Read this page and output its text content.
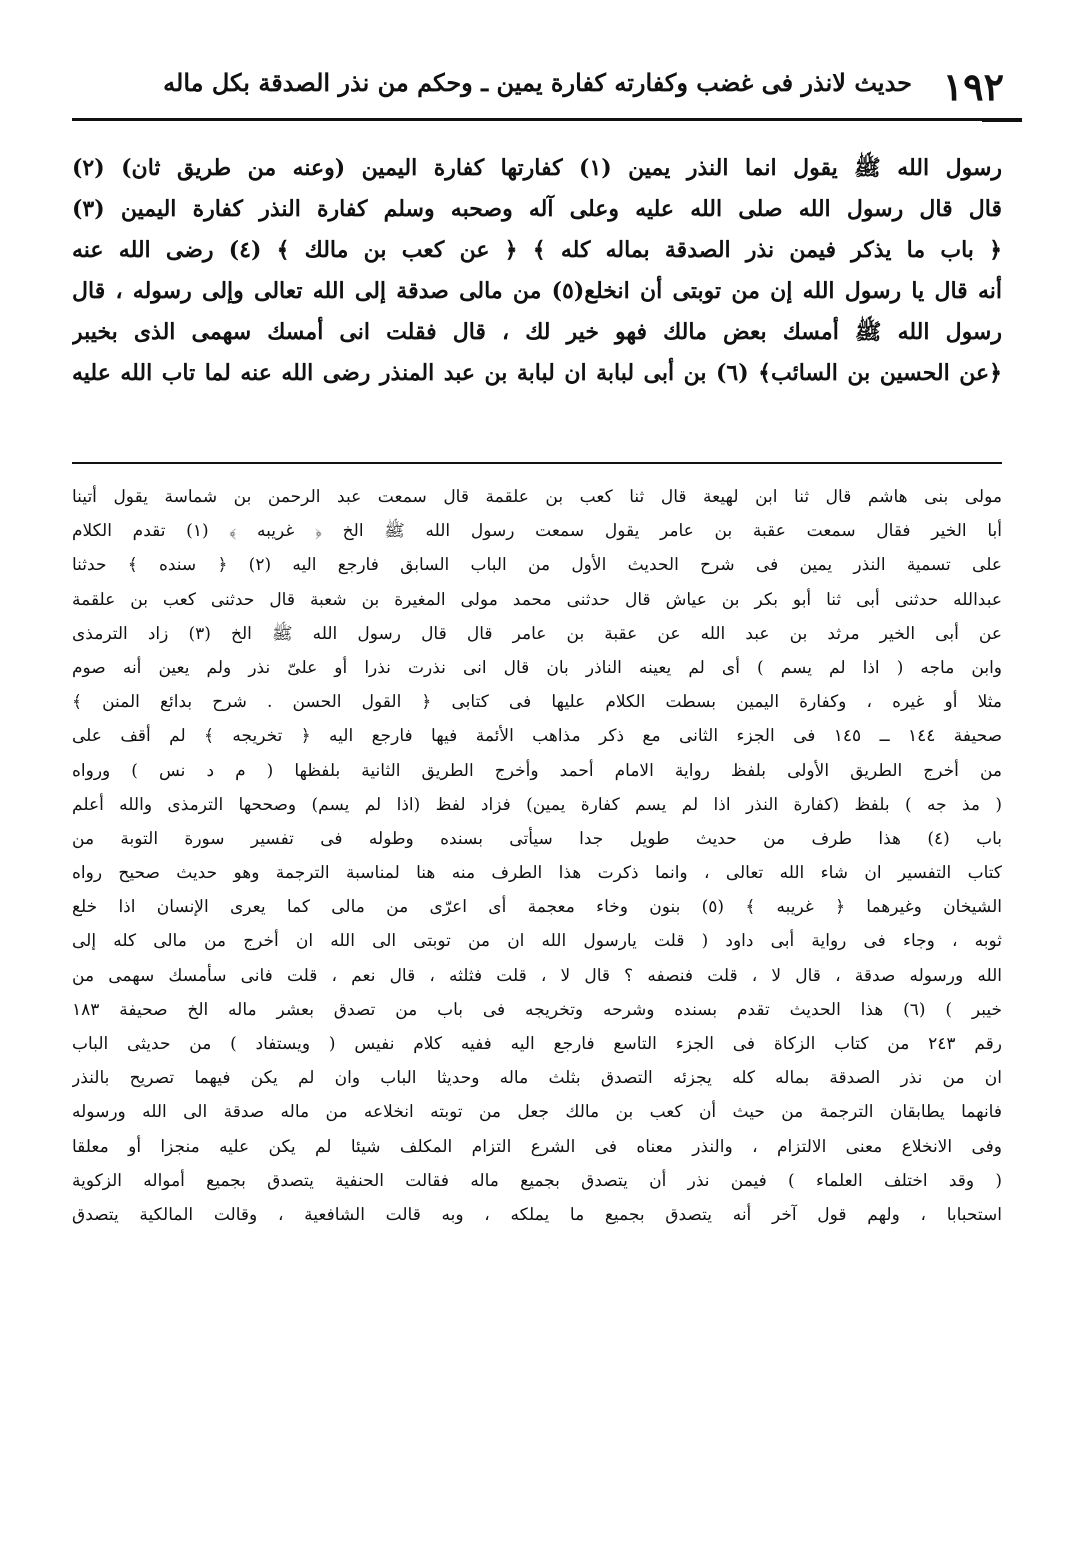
١٩٢
حديث لانذر فى غضب وكفارته كفارة يمين ـ وحكم من نذر الصدقة بكل ماله
رسول الله ﷺ يقول انما النذر يمين (١) كفارتها كفارة اليمين (وعنه من طريق ثان) (٢)
قال قال رسول الله صلى الله عليه وعلى آله وصحبه وسلم كفارة النذر كفارة اليمين (٣)
﴿ باب ما يذكر فيمن نذر الصدقة بماله كله ﴾ ﴿ عن كعب بن مالك ﴾ (٤) رضى الله عنه
أنه قال يا رسول الله إن من توبتى أن انخلع(٥) من مالى صدقة إلى الله تعالى وإلى رسوله ، قال
رسول الله ﷺ أمسك بعض مالك فهو خير لك ، قال فقلت انى أمسك سهمى الذى بخيبر
﴿عن الحسين بن السائب﴾ (٦) بن أبى لبابة ان لبابة بن عبد المنذر رضى الله عنه لما تاب الله عليه
مولى بنى هاشم قال ثنا ابن لهيعة قال ثنا كعب بن علقمة قال سمعت عبد الرحمن بن شماسة يقول أتينا
أبا الخير فقال سمعت عقبة بن عامر يقول سمعت رسول الله ﷺ الخ ﴿ غريبه ﴾ (١) تقدم الكلام
على تسمية النذر يمين فى شرح الحديث الأول من الباب السابق فارجع اليه (٢) ﴿ سنده ﴾ حدثنا
عبدالله حدثنى أبى ثنا أبو بكر بن عياش قال حدثنى محمد مولى المغيرة بن شعبة قال حدثنى كعب بن علقمة
عن أبى الخير مرثد بن عبد الله عن عقبة بن عامر قال قال رسول الله ﷺ الخ (٣) زاد الترمذى
وابن ماجه ( اذا لم يسم ) أى لم يعينه الناذر بان قال انى نذرت نذرا أو علىّ نذر ولم يعين أنه صوم
مثلا أو غيره ، وكفارة اليمين بسطت الكلام عليها فى كتابى ﴿ القول الحسن . شرح بدائع المنن ﴾
صحيفة ١٤٤ ــ ١٤٥ فى الجزء الثانى مع ذكر مذاهب الأئمة فيها فارجع اليه ﴿ تخريجه ﴾ لم أقف على
من أخرج الطريق الأولى بلفظ رواية الامام أحمد وأخرج الطريق الثانية بلفظها ( م د نس ) ورواه
( مذ جه ) بلفظ (كفارة النذر اذا لم يسم كفارة يمين) فزاد لفظ (اذا لم يسم) وصححها الترمذى والله أعلم
باب (٤) هذا طرف من حديث طويل جدا سيأتى بسنده وطوله فى تفسير سورة التوبة من
كتاب التفسير ان شاء الله تعالى ، وانما ذكرت هذا الطرف منه هنا لمناسبة الترجمة وهو حديث صحيح رواه
الشيخان وغيرهما ﴿ غريبه ﴾ (٥) بنون وخاء معجمة أى اعرّى من مالى كما يعرى الإنسان اذا خلع
ثوبه ، وجاء فى رواية أبى داود ( قلت يارسول الله ان من توبتى الى الله ان أخرج من مالى كله إلى
الله ورسوله صدقة ، قال لا ، قلت فنصفه ؟ قال لا ، قلت فثلثه ، قال نعم ، قلت فانى سأمسك سهمى من
خيبر ) (٦) هذا الحديث تقدم بسنده وشرحه وتخريجه فى باب من تصدق بعشر ماله الخ صحيفة ١٨٣
رقم ٢٤٣ من كتاب الزكاة فى الجزء التاسع فارجع اليه ففيه كلام نفيس ( ويستفاد ) من حديثى الباب
ان من نذر الصدقة بماله كله يجزئه التصدق بثلث ماله وحديثا الباب وان لم يكن فيهما تصريح بالنذر
فانهما يطابقان الترجمة من حيث أن كعب بن مالك جعل من توبته انخلاعه من ماله صدقة الى الله ورسوله
وفى الانخلاع معنى الالتزام ، والنذر معناه فى الشرع التزام المكلف شيئا لم يكن عليه منجزا أو معلقا
( وقد اختلف العلماء ) فيمن نذر أن يتصدق بجميع ماله فقالت الحنفية يتصدق بجميع أمواله الزكوية
استحبابا ، ولهم قول آخر أنه يتصدق بجميع ما يملكه ، وبه قالت الشافعية ، وقالت المالكية يتصدق
